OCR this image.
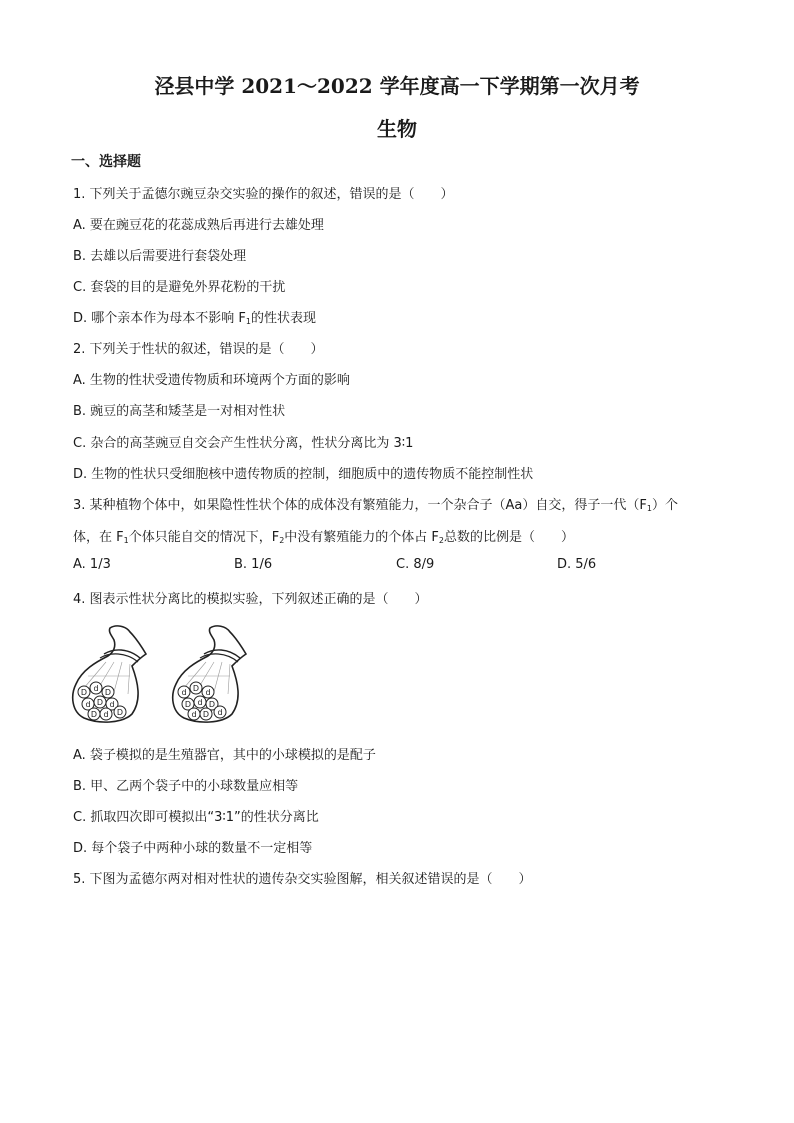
泾县中学 2021～2022 学年度高一下学期第一次月考
生物
一、选择题
1. 下列关于孟德尔豌豆杂交实验的操作的叙述，错误的是（　　）
A. 要在豌豆花的花蕊成熟后再进行去雄处理
B. 去雄以后需要进行套袋处理
C. 套袋的目的是避免外界花粉的干扰
D. 哪个亲本作为母本不影响 $F_1$的性状表现
2. 下列关于性状的叙述，错误的是（　　）
A. 生物的性状受遗传物质和环境两个方面的影响
B. 豌豆的高茎和矮茎是一对相对性状
C. 杂合的高茎豌豆自交会产生性状分离，性状分离比为 3∶1
D. 生物的性状只受细胞核中遗传物质的控制，细胞质中的遗传物质不能控制性状
3. 某种植物个体中，如果隐性性状个体的成体没有繁殖能力，一个杂合子（Aa）自交，得子一代$(F_1)$个
体，在 $F_1$个体只能自交的情况下，$F_2$中没有繁殖能力的个体占 $F_2$总数的比例是（　　）
A. 1/3	B. 1/6	C. 8/9	D. 5/6
4. 图表示性状分离比的模拟实验，下列叙述正确的是（　　）
D d D
d D d
D d D
d D d
D d D
d D d
A. 袋子模拟的是生殖器官，其中的小球模拟的是配子
B. 甲、乙两个袋子中的小球数量应相等
C. 抓取四次即可模拟出“3∶1”的性状分离比
D. 每个袋子中两种小球的数量不一定相等
5. 下图为孟德尔两对相对性状的遗传杂交实验图解，相关叙述错误的是（　　）
